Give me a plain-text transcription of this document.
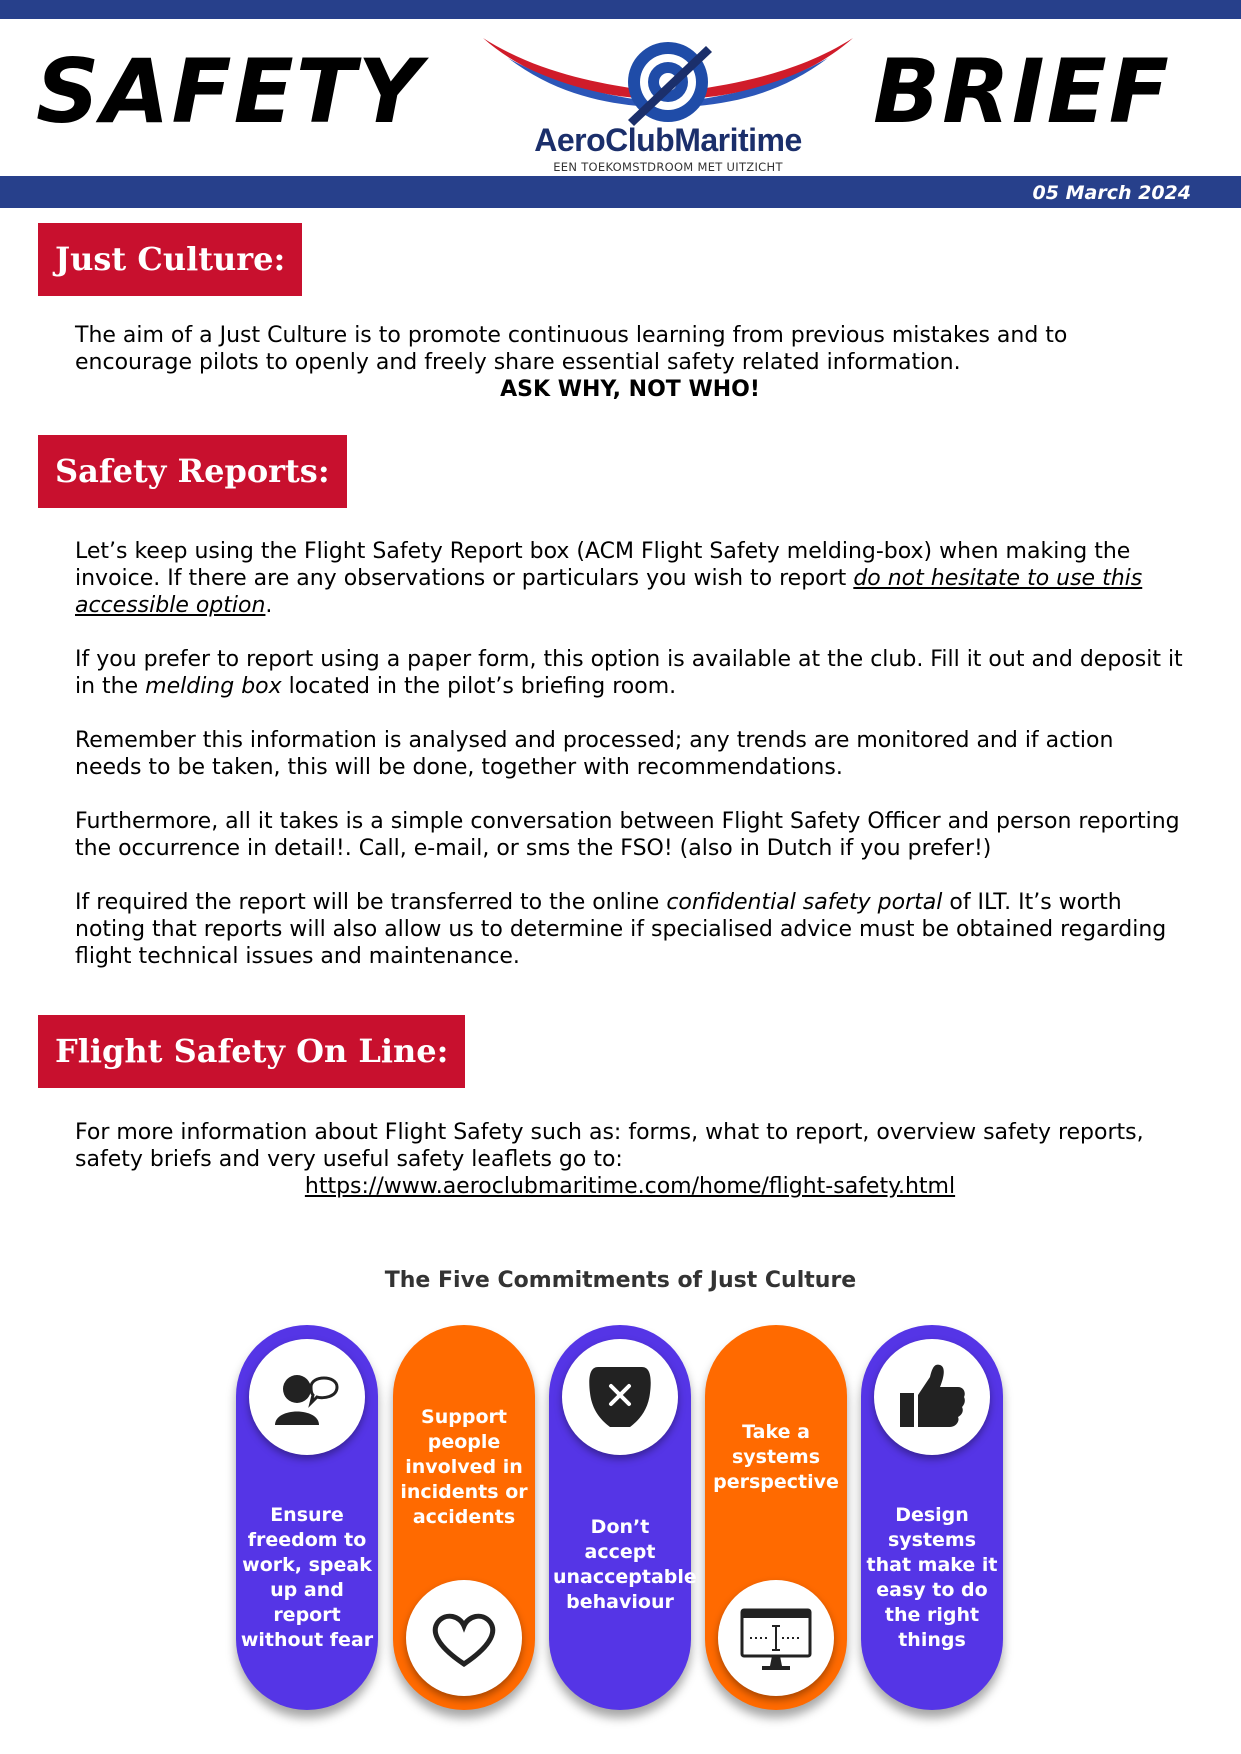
SAFETY	AeroClubMaritime
EEN TOEKOMSTDROOM MET UITZICHT
BRIEF
05 March 2024
Just Culture:

The aim of a Just Culture is to promote continuous learning from previous mistakes and to encourage pilots to openly and freely share essential safety related information.

ASK WHY, NOT WHO!

Safety Reports:

Let’s keep using the Flight Safety Report box (ACM Flight Safety melding-box) when making the invoice. If there are any observations or particulars you wish to report do not hesitate to use this accessible option.

If you prefer to report using a paper form, this option is available at the club. Fill it out and deposit it in the melding box located in the pilot’s briefing room.

Remember this information is analysed and processed; any trends are monitored and if action needs to be taken, this will be done, together with recommendations.

Furthermore, all it takes is a simple conversation between Flight Safety Officer and person reporting the occurrence in detail!. Call, e-mail, or sms the FSO! (also in Dutch if you prefer!)

If required the report will be transferred to the online confidential safety portal of ILT. It’s worth noting that reports will also allow us to determine if specialised advice must be obtained regarding flight technical issues and maintenance.

Flight Safety On Line:

For more information about Flight Safety such as: forms, what to report, overview safety reports, safety briefs and very useful safety leaflets go to:

https://www.aeroclubmaritime.com/home/flight-safety.html

The Five Commitments of Just Culture
Ensure freedom to work, speak up and report without fear
Support people involved in incidents or accidents	Don’t accept unacceptable behaviour
Take a systems perspective
Design systems that make it easy to do the right things
